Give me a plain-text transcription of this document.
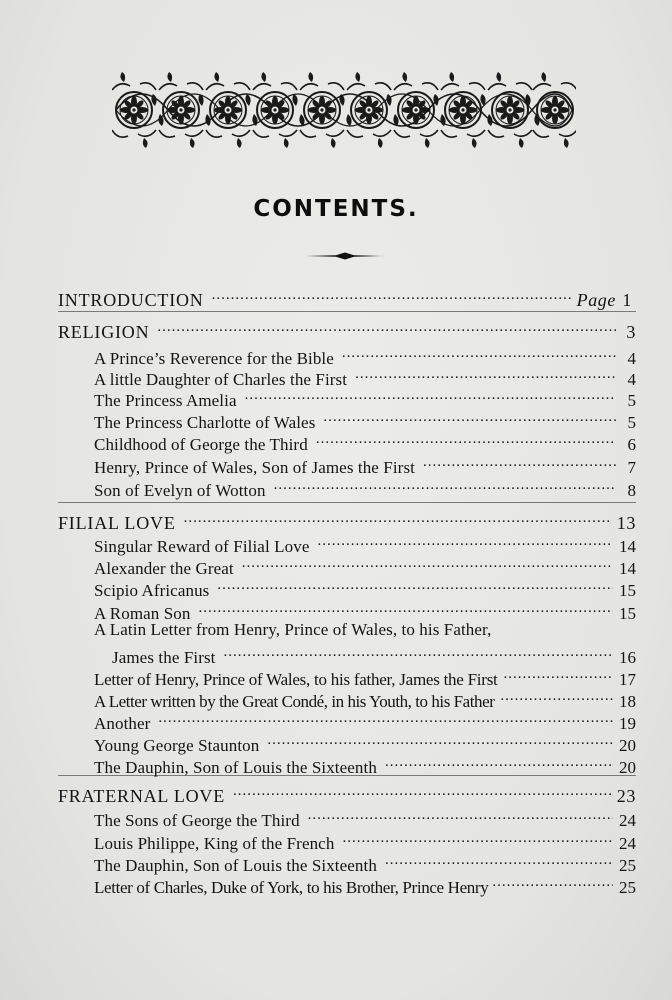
CONTENTS.
INTRODUCTION .....	Page 1
RELIGION .....	3
A Prince’s Reverence for the Bible .....	4
A little Daughter of Charles the First .....	4
The Princess Amelia .....	5
The Princess Charlotte of Wales .....	5
Childhood of George the Third .....	6
Henry, Prince of Wales, Son of James the First .....	7
Son of Evelyn of Wotton .....	8
FILIAL LOVE .....	13
Singular Reward of Filial Love .....	14
Alexander the Great .....	14
Scipio Africanus .....	15
A Roman Son .....	15
A Latin Letter from Henry, Prince of Wales, to his Father,
James the First .....	16
Letter of Henry, Prince of Wales, to his father, James the First .....	17
A Letter written by the Great Condé, in his Youth, to his Father .....	18
Another .....	19
Young George Staunton .....	20
The Dauphin, Son of Louis the Sixteenth .....	20
FRATERNAL LOVE .....	23
The Sons of George the Third .....	24
Louis Philippe, King of the French .....	24
The Dauphin, Son of Louis the Sixteenth .....	25
Letter of Charles, Duke of York, to his Brother, Prince Henry .....	25
